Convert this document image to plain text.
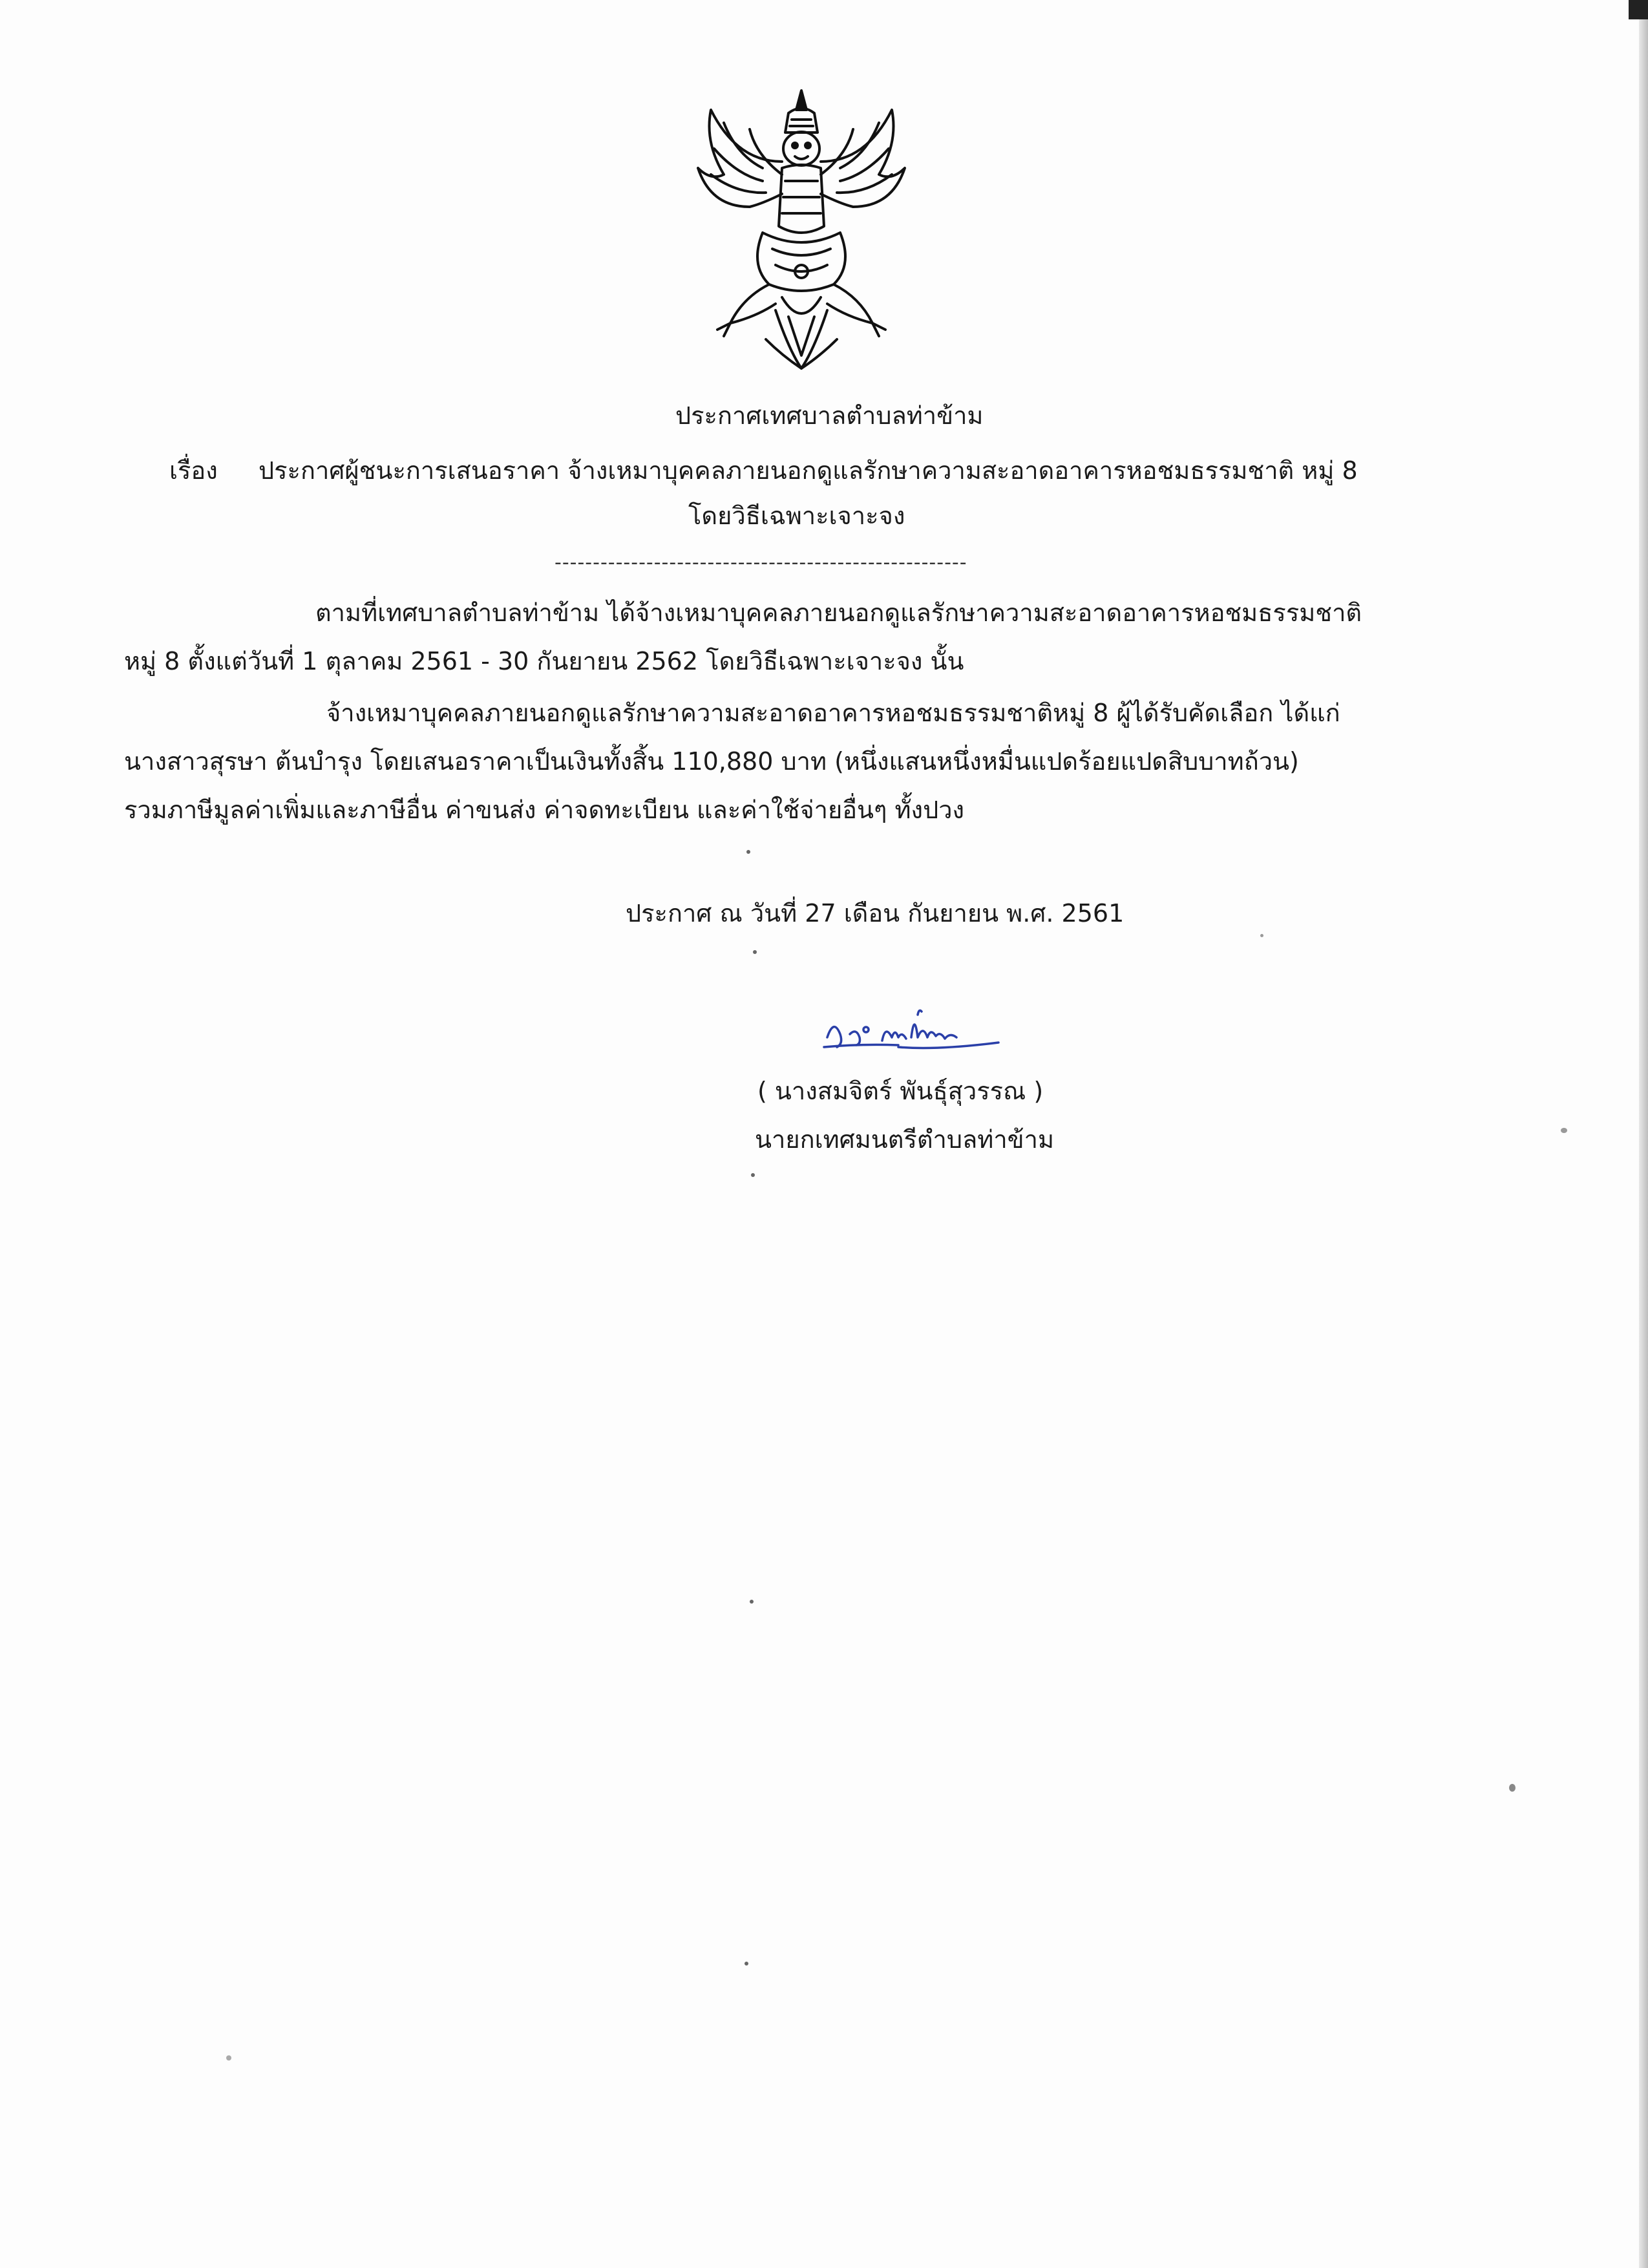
ประกาศเทศบาลตำบลท่าข้าม

เรื่อง ประกาศผู้ชนะการเสนอราคา จ้างเหมาบุคคลภายนอกดูแลรักษาความสะอาดอาคารหอชมธรรมชาติ หมู่ 8

โดยวิธีเฉพาะเจาะจง

------------------------------------------------------

ตามที่เทศบาลตำบลท่าข้าม ได้จ้างเหมาบุคคลภายนอกดูแลรักษาความสะอาดอาคารหอชมธรรมชาติ

หมู่ 8 ตั้งแต่วันที่ 1 ตุลาคม 2561 - 30 กันยายน 2562 โดยวิธีเฉพาะเจาะจง นั้น

จ้างเหมาบุคคลภายนอกดูแลรักษาความสะอาดอาคารหอชมธรรมชาติหมู่ 8 ผู้ได้รับคัดเลือก ได้แก่

นางสาวสุรษา ต้นบำรุง โดยเสนอราคาเป็นเงินทั้งสิ้น 110,880 บาท (หนึ่งแสนหนึ่งหมื่นแปดร้อยแปดสิบบาทถ้วน)

รวมภาษีมูลค่าเพิ่มและภาษีอื่น ค่าขนส่ง ค่าจดทะเบียน และค่าใช้จ่ายอื่นๆ ทั้งปวง

ประกาศ ณ วันที่ 27 เดือน กันยายน พ.ศ. 2561

( นางสมจิตร์ พันธุ์สุวรรณ )

นายกเทศมนตรีตำบลท่าข้าม
